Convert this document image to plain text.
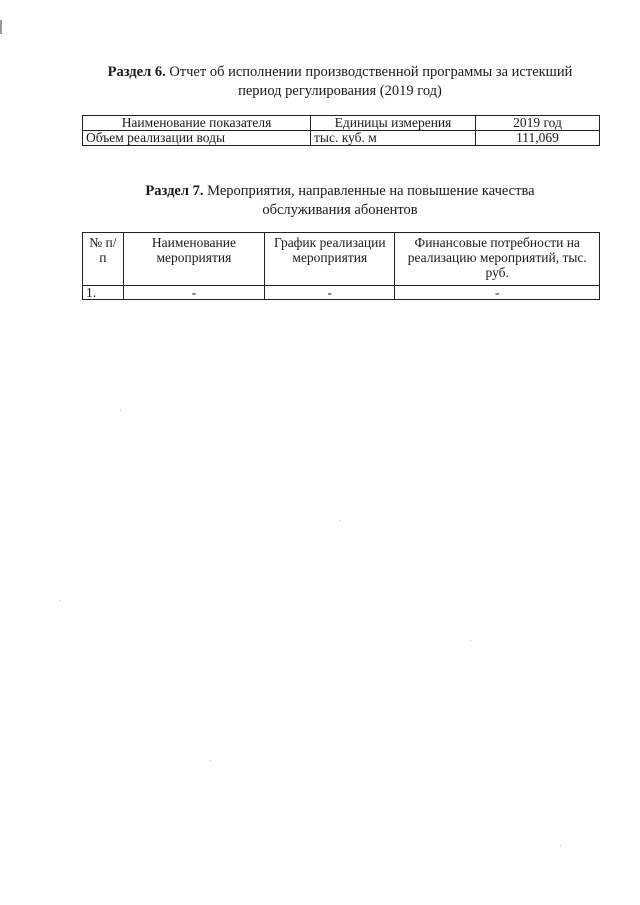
Раздел 6. Отчет об исполнении производственной программы за истекший
период регулирования (2019 год)
Наименование показателя	Единицы измерения	2019 год
Объем реализации воды	тыс. куб. м	111,069
Раздел 7. Мероприятия, направленные на повышение качества
обслуживания абонентов
№ п/п	Наименование мероприятия	График реализации мероприятия	Финансовые потребности на реализацию мероприятий, тыс. руб.
1.	-	-	-
